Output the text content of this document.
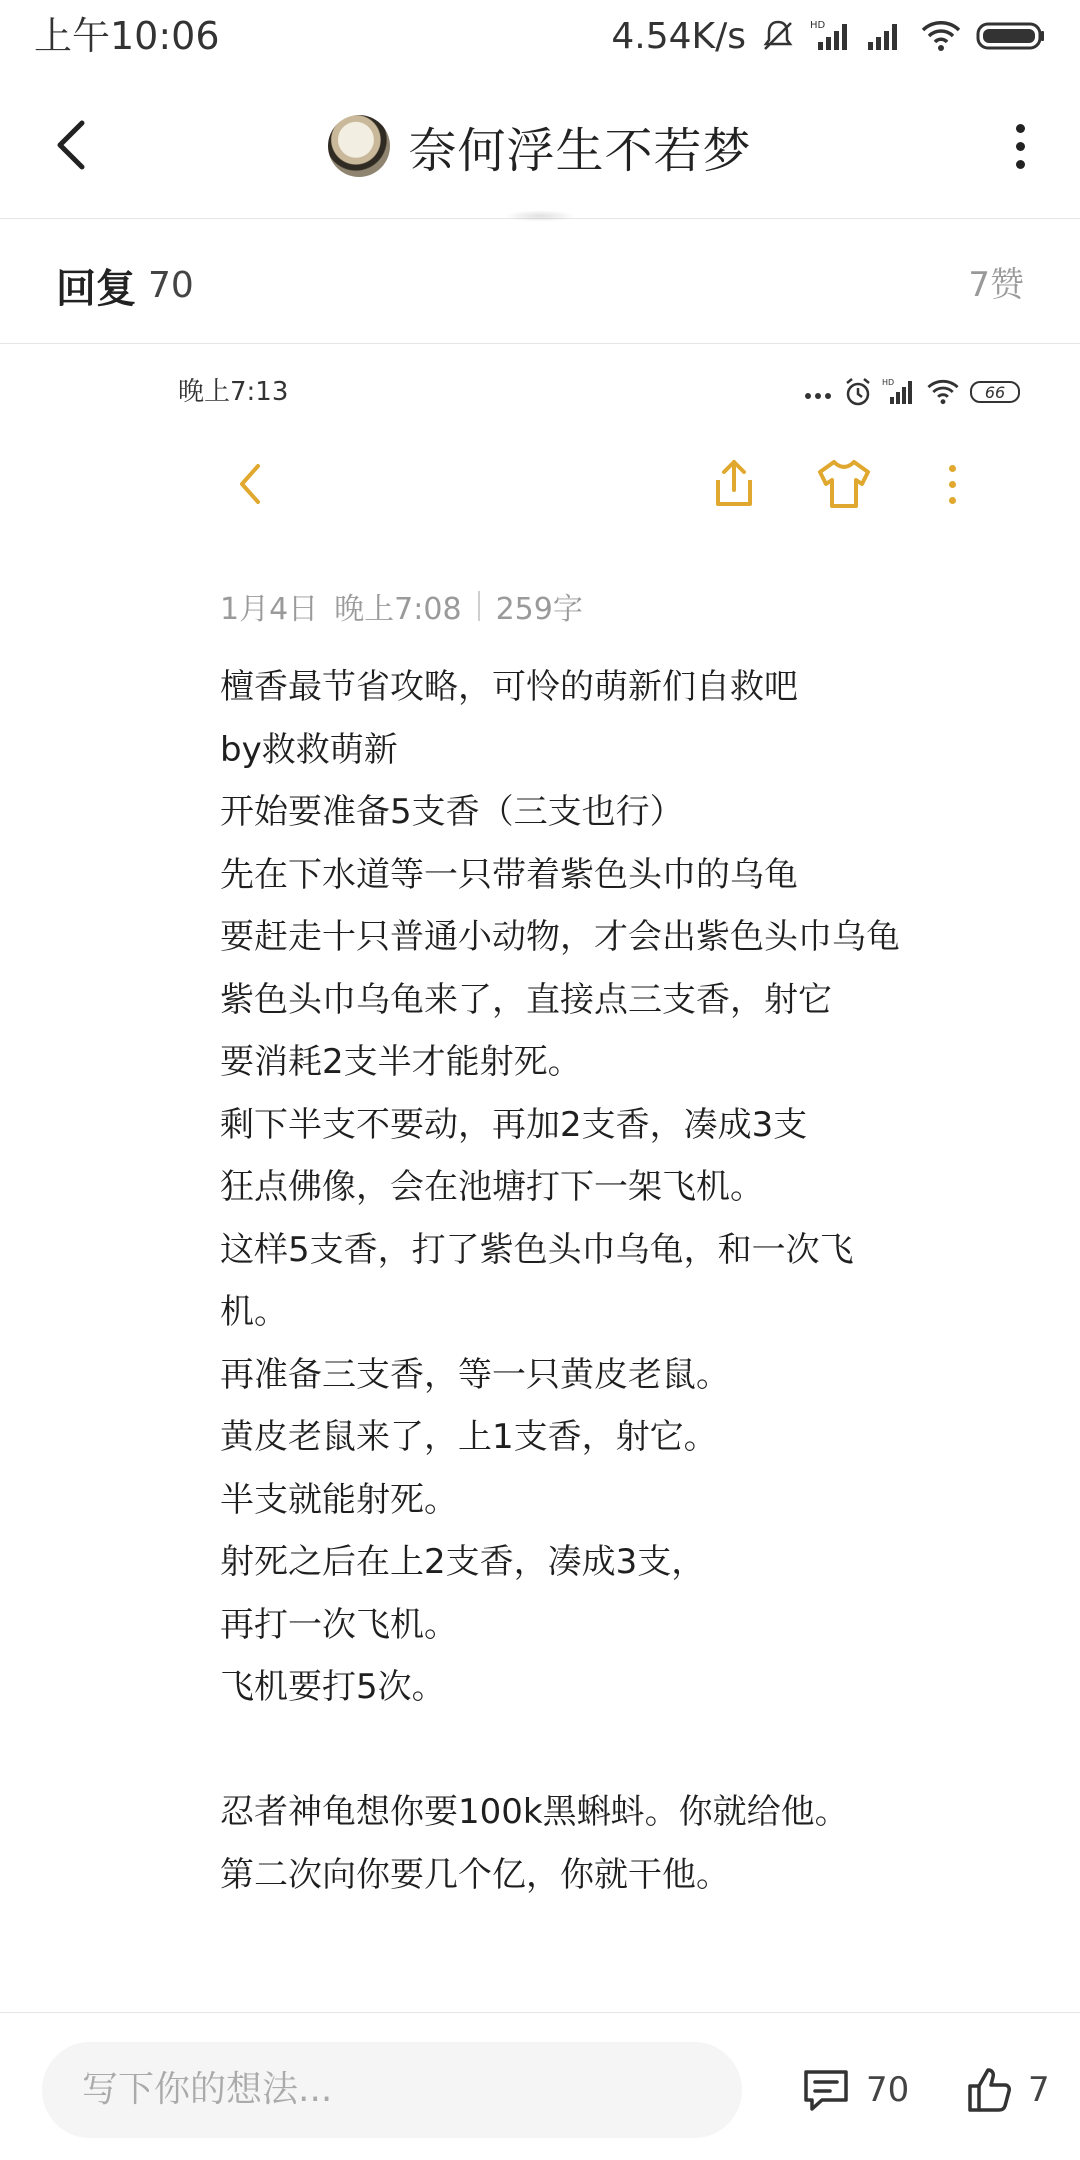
上午10:06	4.54K/s	HD
奈何浮生不若梦
回复 70	7赞
晚上7:13	HD	66
1月4日 晚上7:08 259字
檀香最节省攻略，可怜的萌新们自救吧
by救救萌新
开始要准备5支香（三支也行）
先在下水道等一只带着紫色头巾的乌龟
要赶走十只普通小动物，才会出紫色头巾乌龟
紫色头巾乌龟来了，直接点三支香，射它
要消耗2支半才能射死。
剩下半支不要动，再加2支香，凑成3支
狂点佛像，会在池塘打下一架飞机。
这样5支香，打了紫色头巾乌龟，和一次飞
机。
再准备三支香，等一只黄皮老鼠。
黄皮老鼠来了，上1支香，射它。
半支就能射死。
射死之后在上2支香，凑成3支，
再打一次飞机。
飞机要打5次。
忍者神龟想你要100k黑蝌蚪。你就给他。
第二次向你要几个亿，你就干他。
写下你的想法...	70	7
